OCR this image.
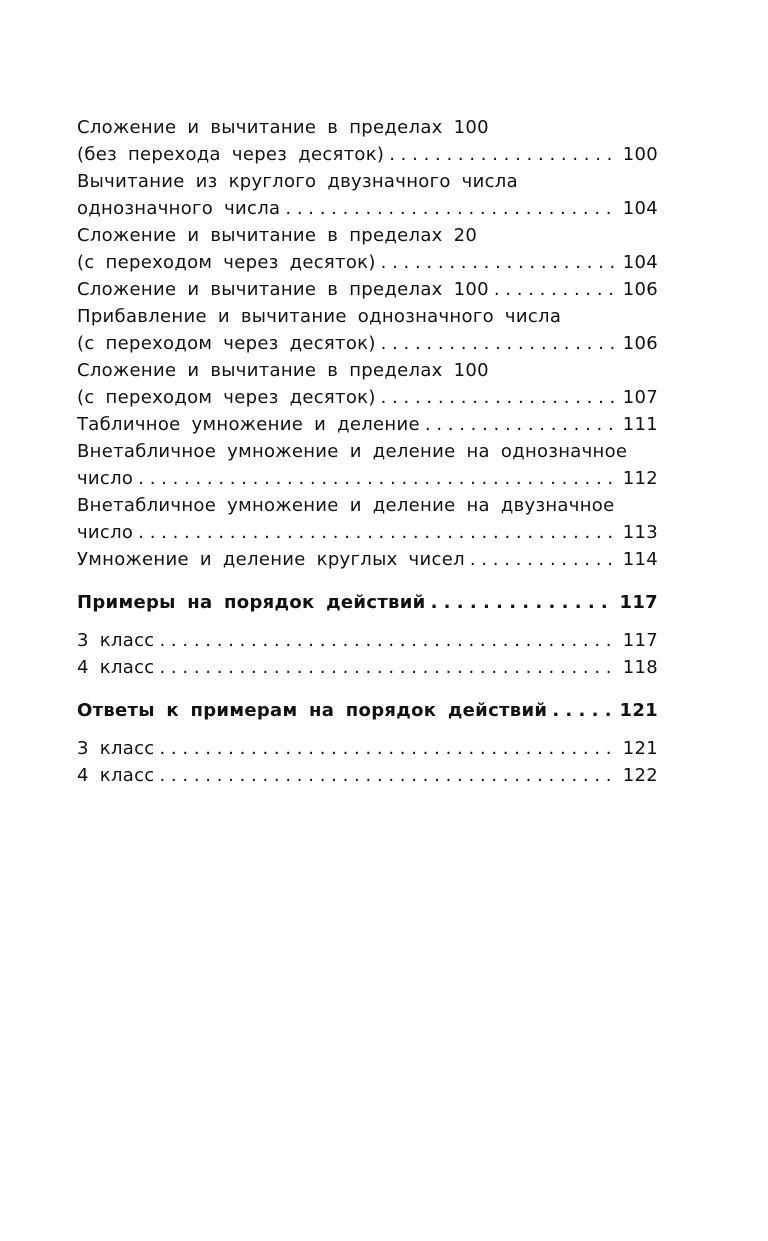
Сложение и вычитание в пределах 100
(без перехода через десяток) . . .	100
Вычитание из круглого двузначного числа
однозначного числа . . .	104
Сложение и вычитание в пределах 20
(с переходом через десяток) . . .	104
Сложение и вычитание в пределах 100 . . .	106
Прибавление и вычитание однозначного числа
(с переходом через десяток) . . .	106
Сложение и вычитание в пределах 100
(с переходом через десяток) . . .	107
Табличное умножение и деление . . .	111
Внетабличное умножение и деление на однозначное
число . . .	112
Внетабличное умножение и деление на двузначное
число . . .	113
Умножение и деление круглых чисел . . .	114
Примеры на порядок действий . . .	117
3 класс . . .	117
4 класс . . .	118
Ответы к примерам на порядок действий . . .	121
3 класс . . .	121
4 класс . . .	122
